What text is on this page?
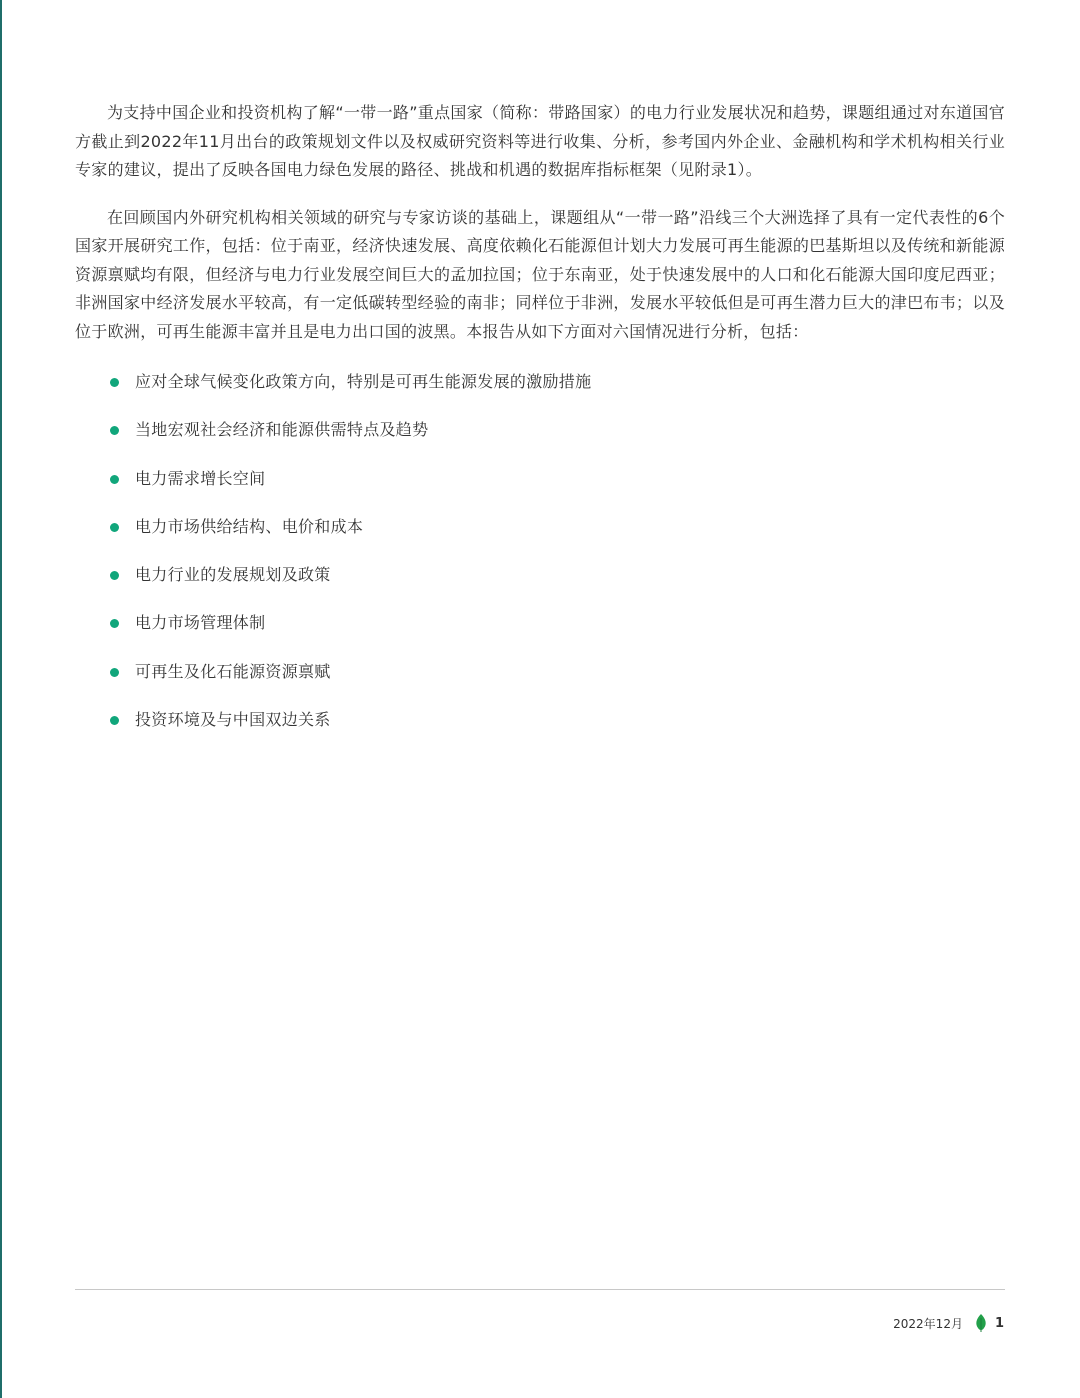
为支持中国企业和投资机构了解“一带一路”重点国家（简称：带路国家）的电力行业发展状况和趋势，课题组通过对东道国官方截止到2022年11月出台的政策规划文件以及权威研究资料等进行收集、分析，参考国内外企业、金融机构和学术机构相关行业专家的建议，提出了反映各国电力绿色发展的路径、挑战和机遇的数据库指标框架（见附录1）。

在回顾国内外研究机构相关领域的研究与专家访谈的基础上，课题组从“一带一路”沿线三个大洲选择了具有一定代表性的6个国家开展研究工作，包括：位于南亚，经济快速发展、高度依赖化石能源但计划大力发展可再生能源的巴基斯坦以及传统和新能源资源禀赋均有限，但经济与电力行业发展空间巨大的孟加拉国；位于东南亚，处于快速发展中的人口和化石能源大国印度尼西亚；非洲国家中经济发展水平较高，有一定低碳转型经验的南非；同样位于非洲，发展水平较低但是可再生潜力巨大的津巴布韦；以及位于欧洲，可再生能源丰富并且是电力出口国的波黑。本报告从如下方面对六国情况进行分析，包括：

应对全球气候变化政策方向，特别是可再生能源发展的激励措施
当地宏观社会经济和能源供需特点及趋势
电力需求增长空间
电力市场供给结构、电价和成本
电力行业的发展规划及政策
电力市场管理体制
可再生及化石能源资源禀赋
投资环境及与中国双边关系
2022年12月 1
